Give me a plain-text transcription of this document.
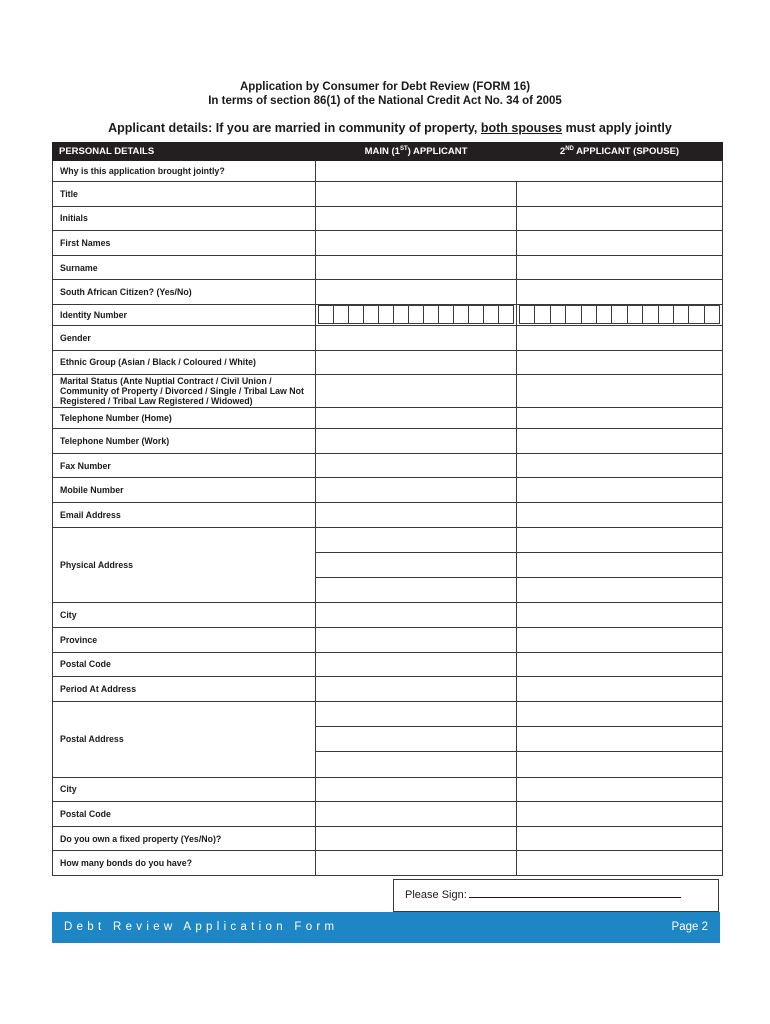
Application by Consumer for Debt Review (FORM 16)
In terms of section 86(1) of the National Credit Act No. 34 of 2005
Applicant details: If you are married in community of property, both spouses must apply jointly
PERSONAL DETAILS	MAIN (1ST) APPLICANT	2ND APPLICANT (SPOUSE)
Why is this application brought jointly?		
Title		
Initials		
First Names		
Surname		
South African Citizen? (Yes/No)		
Identity Number	

Gender		
Ethnic Group (Asian / Black / Coloured / White)		
Marital Status (Ante Nuptial Contract / Civil Union / Community of Property / Divorced / Single / Tribal Law Not Registered / Tribal Law Registered / Widowed)		
Telephone Number (Home)		
Telephone Number (Work)		
Fax Number		
Mobile Number		
Email Address		
Physical Address		

City		
Province		
Postal Code		
Period At Address		
Postal Address		

City		
Postal Code		
Do you own a fixed property (Yes/No)?		
How many bonds do you have?		
Please Sign:
Debt Review Application Form	Page 2
